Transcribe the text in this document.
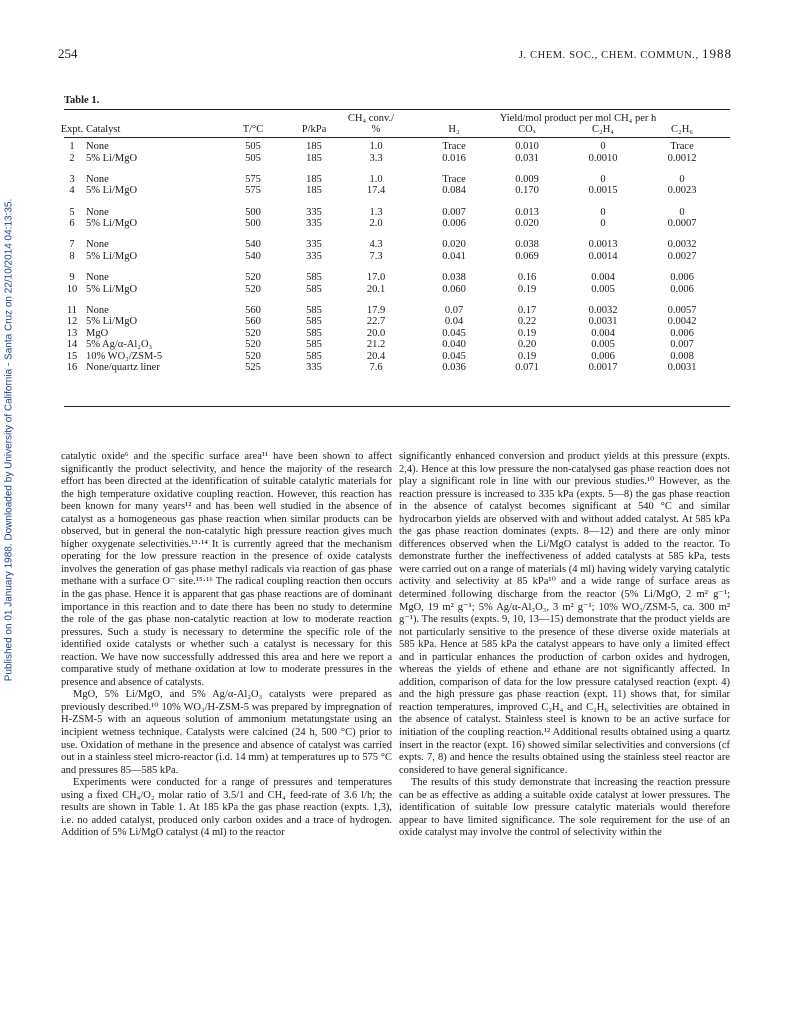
254	J. CHEM. SOC., CHEM. COMMUN., 1988
Published on 01 January 1988. Downloaded by University of California - Santa Cruz on 22/10/2014 04:13:35.
Table 1.
CH₄ conv./	Yield/mol product per mol CH₄ per h
Expt. Catalyst	T/°C	P/kPa	%	H₂	COₓ	C₂H₄	C₂H₆
1 None	505	185	1.0	Trace	0.010	0	Trace
2 5% Li/MgO	505	185	3.3	0.016	0.031	0.0010	0.0012
3 None	575	185	1.0	Trace	0.009	0	0
4 5% Li/MgO	575	185	17.4	0.084	0.170	0.0015	0.0023
5 None	500	335	1.3	0.007	0.013	0	0
6 5% Li/MgO	500	335	2.0	0.006	0.020	0	0.0007
7 None	540	335	4.3	0.020	0.038	0.0013	0.0032
8 5% Li/MgO	540	335	7.3	0.041	0.069	0.0014	0.0027
9 None	520	585	17.0	0.038	0.16	0.004	0.006
10 5% Li/MgO	520	585	20.1	0.060	0.19	0.005	0.006
11 None	560	585	17.9	0.07	0.17	0.0032	0.0057
12 5% Li/MgO	560	585	22.7	0.04	0.22	0.0031	0.0042
13 MgO	520	585	20.0	0.045	0.19	0.004	0.006
14 5% Ag/α-Al₂O₃	520	585	21.2	0.040	0.20	0.005	0.007
15 10% WO₃/ZSM-5	520	585	20.4	0.045	0.19	0.006	0.008
16 None/quartz liner	525	335	7.6	0.036	0.071	0.0017	0.0031

catalytic oxide⁶ and the specific surface area¹¹ have been shown to affect significantly the product selectivity, and hence the majority of the research effort has been directed at the identification of suitable catalytic materials for the high temperature oxidative coupling reaction. However, this reaction has been known for many years¹² and has been well studied in the absence of catalyst as a homogeneous gas phase reaction when similar products can be observed, but in general the non-catalytic high pressure reaction gives much higher oxygenate selectivities.¹³·¹⁴ It is currently agreed that the mechanism operating for the low pressure reaction in the presence of oxide catalysts involves the generation of gas phase methyl radicals via reaction of gas phase methane with a surface O⁻ site.¹⁵·¹⁶ The radical coupling reaction then occurs in the gas phase. Hence it is apparent that gas phase reactions are of dominant importance in this reaction and to date there has been no study to determine the role of the gas phase non-catalytic reaction at low to moderate reaction pressures. Such a study is necessary to determine the specific role of the identified oxide catalysts or whether such a catalyst is necessary for this reaction. We have now successfully addressed this area and here we report a comparative study of methane oxidation at low to moderate pressures in the presence and absence of catalysts.

MgO, 5% Li/MgO, and 5% Ag/α-Al₂O₃ catalysts were prepared as previously described.¹⁰ 10% WO₃/H-ZSM-5 was prepared by impregnation of H-ZSM-5 with an aqueous solution of ammonium metatungstate using an incipient wetness technique. Catalysts were calcined (24 h, 500 °C) prior to use. Oxidation of methane in the presence and absence of catalyst was carried out in a stainless steel micro-reactor (i.d. 14 mm) at temperatures up to 575 °C and pressures 85—585 kPa.

Experiments were conducted for a range of pressures and temperatures using a fixed CH₄/O₂ molar ratio of 3.5/1 and CH₄ feed-rate of 3.6 l/h; the results are shown in Table 1. At 185 kPa the gas phase reaction (expts. 1,3), i.e. no added catalyst, produced only carbon oxides and a trace of hydrogen. Addition of 5% Li/MgO catalyst (4 ml) to the reactor

significantly enhanced conversion and product yields at this pressure (expts. 2,4). Hence at this low pressure the non-catalysed gas phase reaction does not play a significant role in line with our previous studies.¹⁰ However, as the reaction pressure is increased to 335 kPa (expts. 5—8) the gas phase reaction in the absence of catalyst becomes significant at 540 °C and similar hydrocarbon yields are observed with and without added catalyst. At 585 kPa the gas phase reaction dominates (expts. 8—12) and there are only minor differences observed when the Li/MgO catalyst is added to the reactor. To demonstrate further the ineffectiveness of added catalysts at 585 kPa, tests were carried out on a range of materials (4 ml) having widely varying catalytic activity and selectivity at 85 kPa¹⁰ and a wide range of surface areas as determined following discharge from the reactor (5% Li/MgO, 2 m² g⁻¹; MgO, 19 m² g⁻¹; 5% Ag/α-Al₂O₃, 3 m² g⁻¹; 10% WO₃/ZSM-5, ca. 300 m² g⁻¹). The results (expts. 9, 10, 13—15) demonstrate that the product yields are not particularly sensitive to the presence of these diverse oxide materials at 585 kPa. Hence at 585 kPa the catalyst appears to have only a limited effect and in particular enhances the production of carbon oxides and hydrogen, whereas the yields of ethene and ethane are not significantly affected. In addition, comparison of data for the low pressure catalysed reaction (expt. 4) and the high pressure gas phase reaction (expt. 11) shows that, for similar reaction temperatures, improved C₂H₄ and C₂H₆ selectivities are obtained in the absence of catalyst. Stainless steel is known to be an active surface for initiation of the coupling reaction.¹² Additional results obtained using a quartz insert in the reactor (expt. 16) showed similar selectivities and conversions (cf expts. 7, 8) and hence the results obtained using the stainless steel reactor are considered to have general significance.

The results of this study demonstrate that increasing the reaction pressure can be as effective as adding a suitable oxide catalyst at lower pressures. The identification of suitable low pressure catalytic materials would therefore appear to have limited significance. The sole requirement for the use of an oxide catalyst may involve the control of selectivity within the
